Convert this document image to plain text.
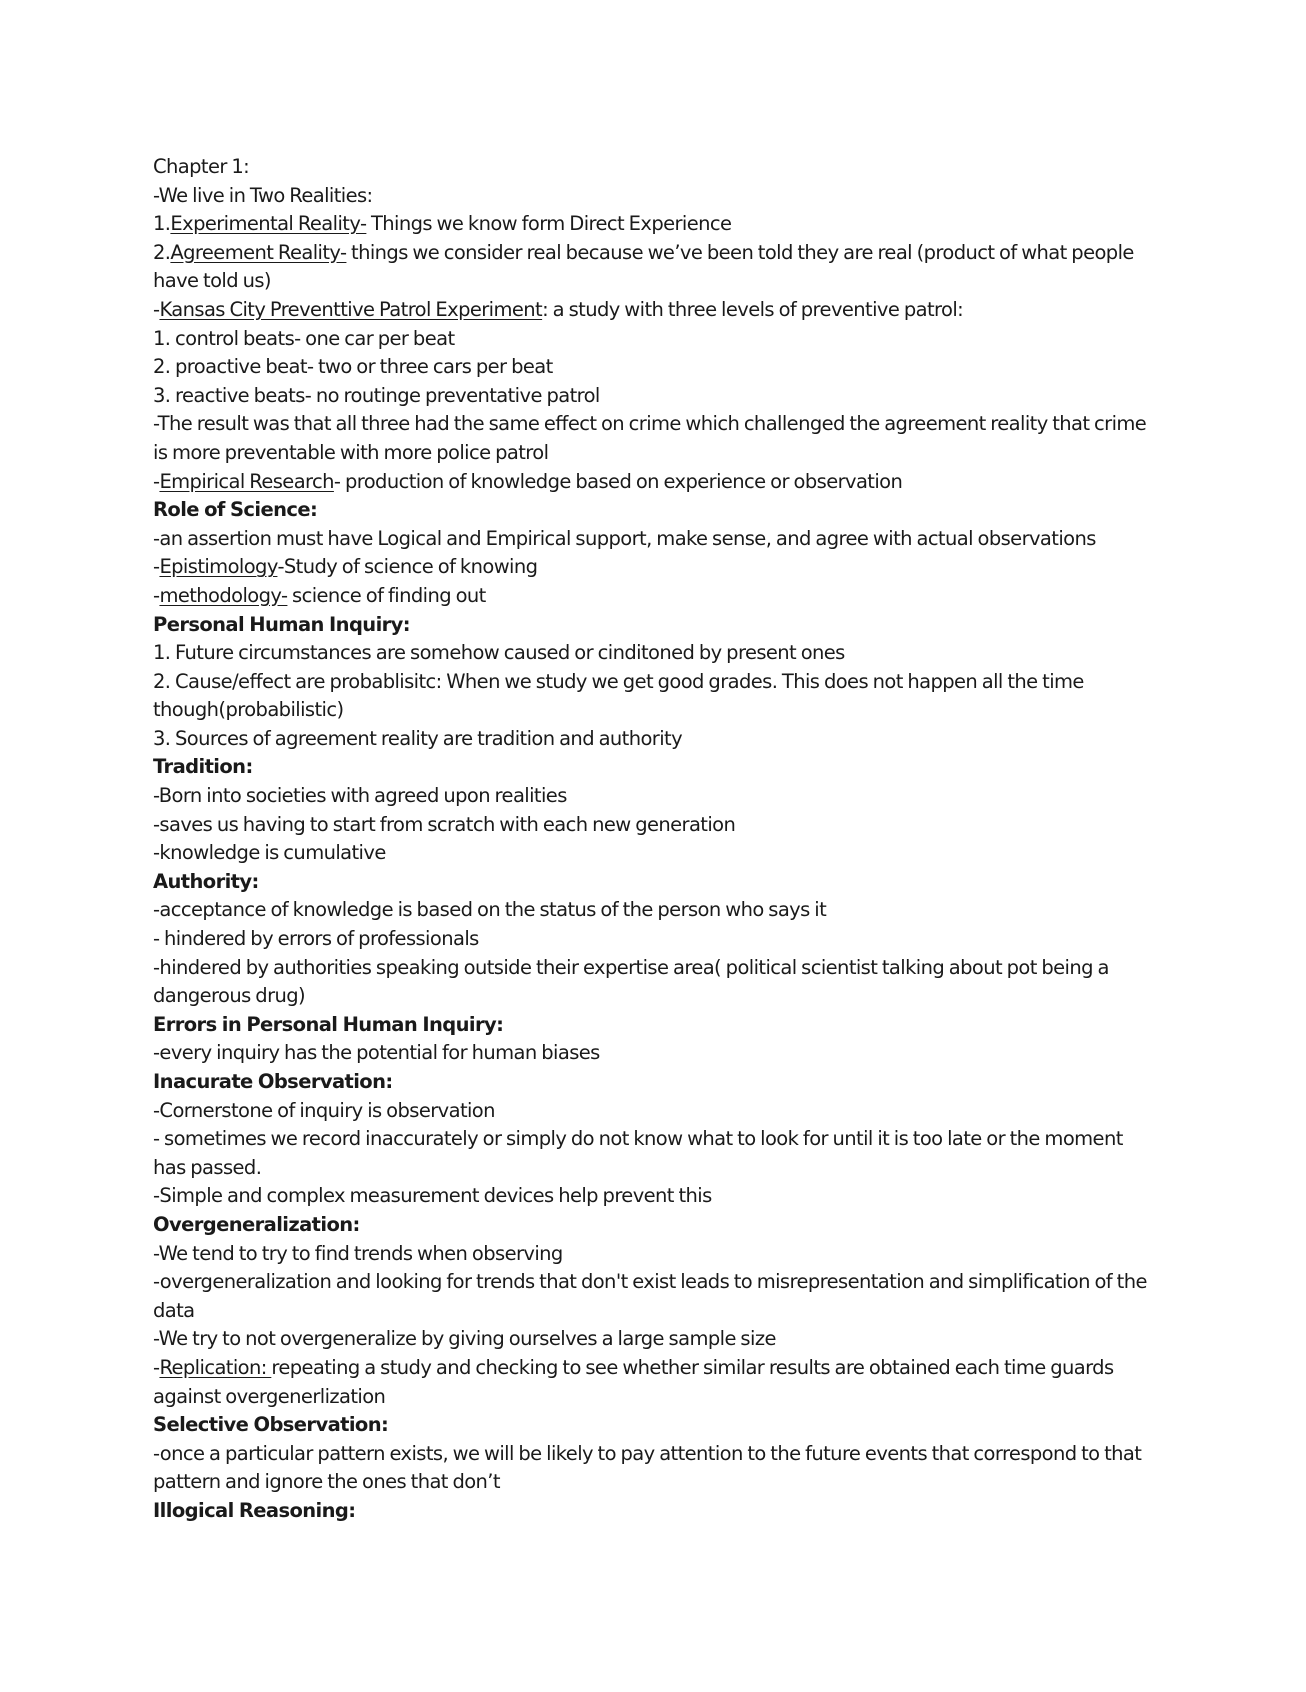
Chapter 1:

-We live in Two Realities:

1.Experimental Reality- Things we know form Direct Experience

2.Agreement Reality- things we consider real because we’ve been told they are real (product of what people have told us)

-Kansas City Preventtive Patrol Experiment: a study with three levels of preventive patrol:

1. control beats- one car per beat

2. proactive beat- two or three cars per beat

3. reactive beats- no routinge preventative patrol

-The result was that all three had the same effect on crime which challenged the agreement reality that crime is more preventable with more police patrol

-Empirical Research- production of knowledge based on experience or observation

Role of Science:

-an assertion must have Logical and Empirical support, make sense, and agree with actual observations

-Epistimology-Study of science of knowing

-methodology- science of finding out

Personal Human Inquiry:

1. Future circumstances are somehow caused or cinditoned by present ones

2. Cause/effect are probablisitc: When we study we get good grades. This does not happen all the time though(probabilistic)

3. Sources of agreement reality are tradition and authority

Tradition:

-Born into societies with agreed upon realities

-saves us having to start from scratch with each new generation

-knowledge is cumulative

Authority:

-acceptance of knowledge is based on the status of the person who says it

- hindered by errors of professionals

-hindered by authorities speaking outside their expertise area( political scientist talking about pot being a dangerous drug)

Errors in Personal Human Inquiry:

-every inquiry has the potential for human biases

Inacurate Observation:

-Cornerstone of inquiry is observation

- sometimes we record inaccurately or simply do not know what to look for until it is too late or the moment has passed.

-Simple and complex measurement devices help prevent this

Overgeneralization:

-We tend to try to find trends when observing

-overgeneralization and looking for trends that don't exist leads to misrepresentation and simplification of the data

-We try to not overgeneralize by giving ourselves a large sample size

-Replication: repeating a study and checking to see whether similar results are obtained each time guards against overgenerlization

Selective Observation:

-once a particular pattern exists, we will be likely to pay attention to the future events that correspond to that pattern and ignore the ones that don’t

Illogical Reasoning:
